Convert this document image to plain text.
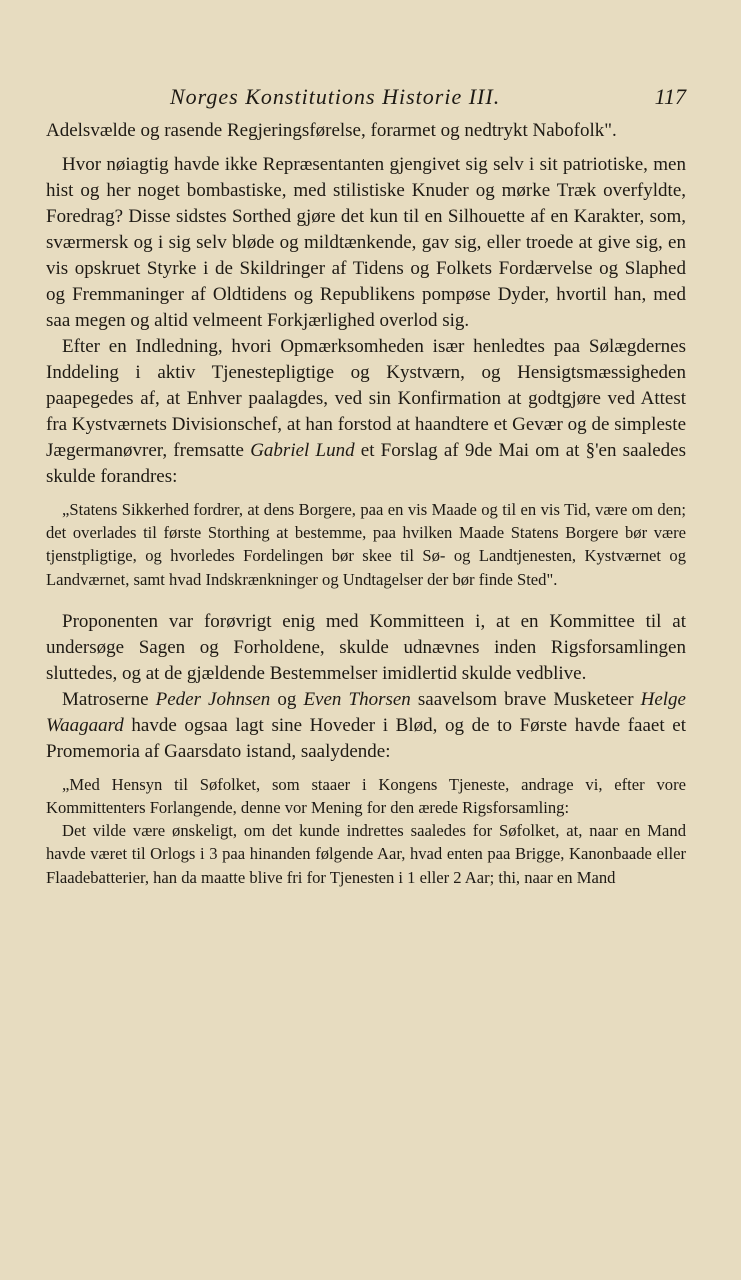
Norges Konstitutions Historie III.	117

Adelsvælde og rasende Regjeringsførelse, forarmet og nedtrykt Nabofolk".

Hvor nøiagtig havde ikke Repræsentanten gjengivet sig selv i sit patriotiske, men hist og her noget bombastiske, med stilistiske Knuder og mørke Træk overfyldte, Foredrag? Disse sidstes Sorthed gjøre det kun til en Silhouette af en Karakter, som, sværmersk og i sig selv bløde og mildtænkende, gav sig, eller troede at give sig, en vis opskruet Styrke i de Skildringer af Tidens og Folkets Fordærvelse og Slaphed og Fremmaninger af Oldtidens og Republikens pompøse Dyder, hvortil han, med saa megen og altid velmeent Forkjærlighed overlod sig.

Efter en Indledning, hvori Opmærksomheden især henledtes paa Sølægdernes Inddeling i aktiv Tjenestepligtige og Kystværn, og Hensigtsmæssigheden paapegedes af, at Enhver paalagdes, ved sin Konfirmation at godtgjøre ved Attest fra Kystværnets Divisionschef, at han forstod at haandtere et Gevær og de simpleste Jægermanøvrer, fremsatte Gabriel Lund et Forslag af 9de Mai om at §'en saaledes skulde forandres:

„Statens Sikkerhed fordrer, at dens Borgere, paa en vis Maade og til en vis Tid, være om den; det overlades til første Storthing at bestemme, paa hvilken Maade Statens Borgere bør være tjenstpligtige, og hvorledes Fordelingen bør skee til Sø- og Landtjenesten, Kystværnet og Landværnet, samt hvad Indskrænkninger og Undtagelser der bør finde Sted".

Proponenten var forøvrigt enig med Kommitteen i, at en Kommittee til at undersøge Sagen og Forholdene, skulde udnævnes inden Rigsforsamlingen sluttedes, og at de gjældende Bestemmelser imidlertid skulde vedblive.

Matroserne Peder Johnsen og Even Thorsen saavelsom brave Musketeer Helge Waagaard havde ogsaa lagt sine Hoveder i Blød, og de to Første havde faaet et Promemoria af Gaarsdato istand, saalydende:

„Med Hensyn til Søfolket, som staaer i Kongens Tjeneste, andrage vi, efter vore Kommittenters Forlangende, denne vor Mening for den ærede Rigsforsamling:

Det vilde være ønskeligt, om det kunde indrettes saaledes for Søfolket, at, naar en Mand havde været til Orlogs i 3 paa hinanden følgende Aar, hvad enten paa Brigge, Kanonbaade eller Flaadebatterier, han da maatte blive fri for Tjenesten i 1 eller 2 Aar; thi, naar en Mand
